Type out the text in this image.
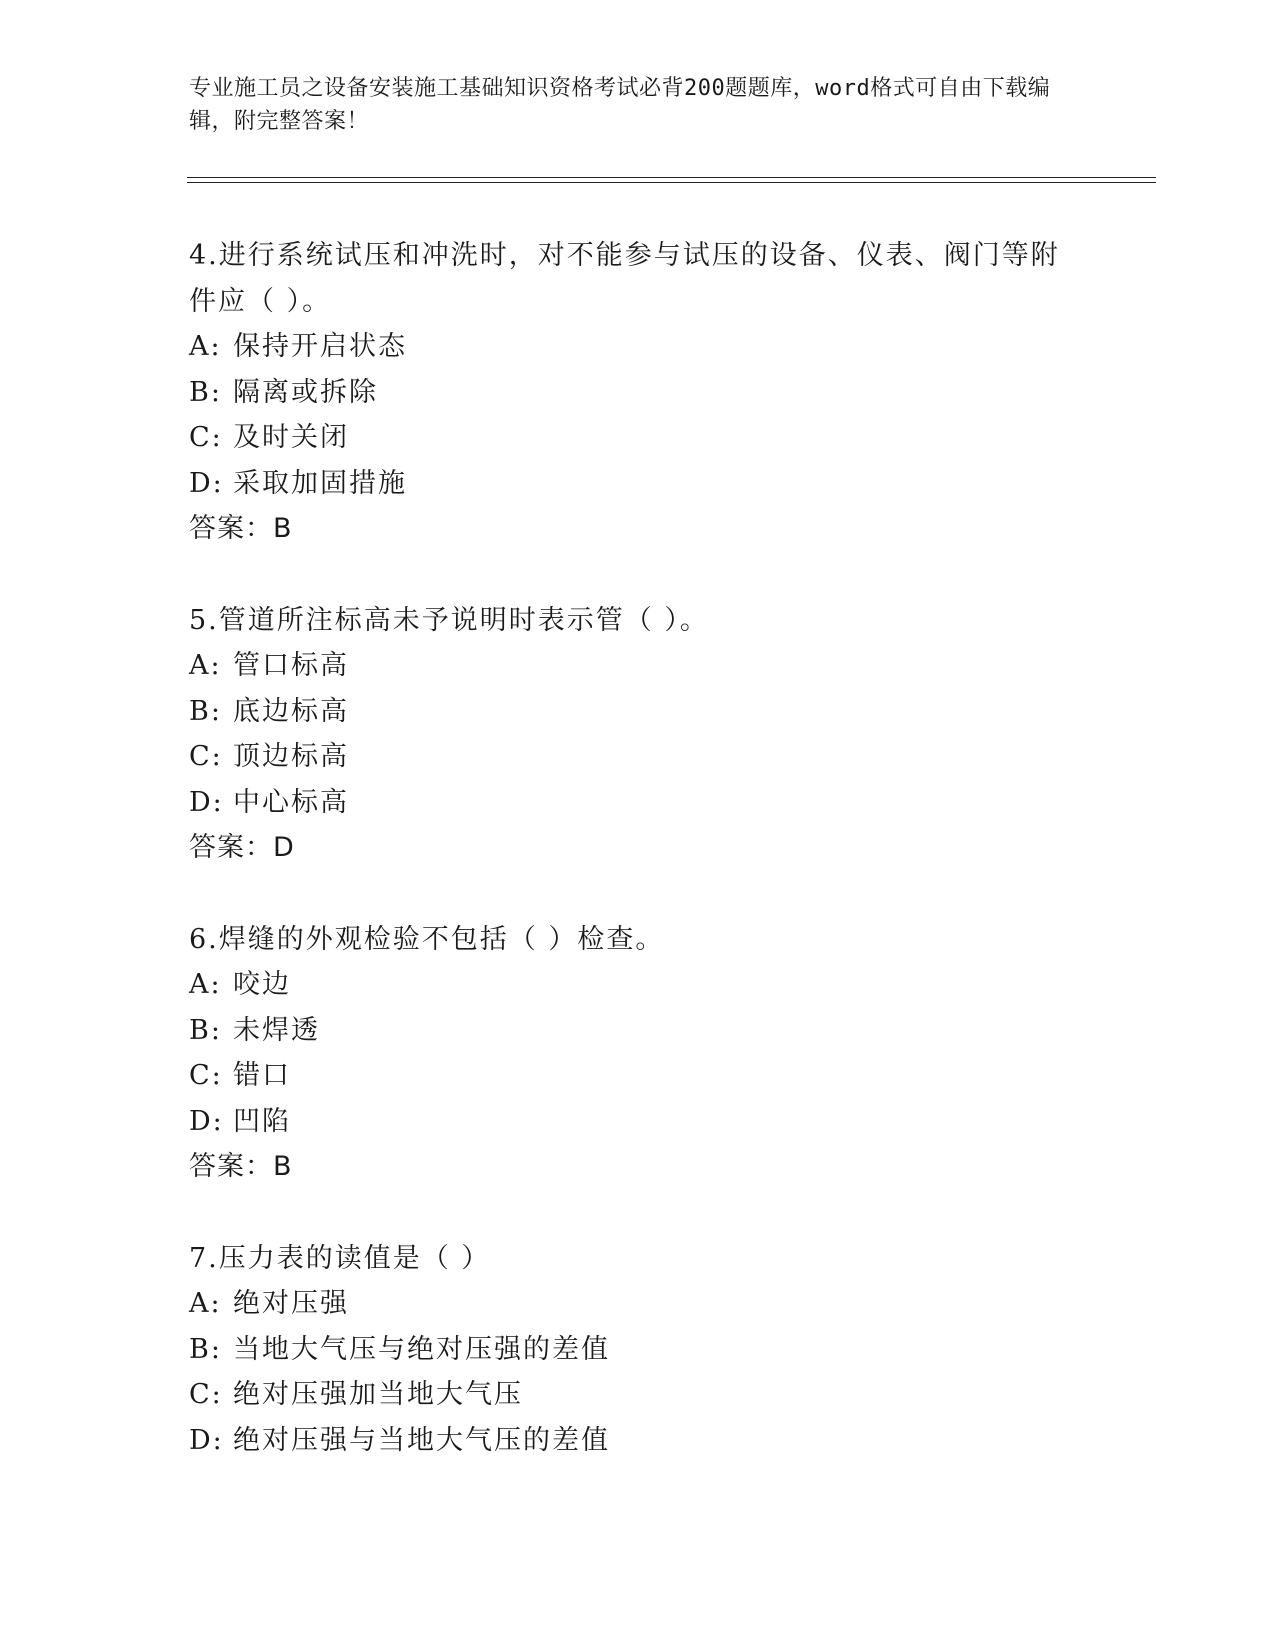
专业施工员之设备安装施工基础知识资格考试必背200题题库，word格式可自由下载编辑，附完整答案！
4.进行系统试压和冲洗时，对不能参与试压的设备、仪表、阀门等附件应（ ）。
A: 保持开启状态
B: 隔离或拆除
C: 及时关闭
D: 采取加固措施
答案：B
5.管道所注标高未予说明时表示管（ ）。
A: 管口标高
B: 底边标高
C: 顶边标高
D: 中心标高
答案：D
6.焊缝的外观检验不包括（ ）检查。
A: 咬边
B: 未焊透
C: 错口
D: 凹陷
答案：B
7.压力表的读值是（ ）
A: 绝对压强
B: 当地大气压与绝对压强的差值
C: 绝对压强加当地大气压
D: 绝对压强与当地大气压的差值
